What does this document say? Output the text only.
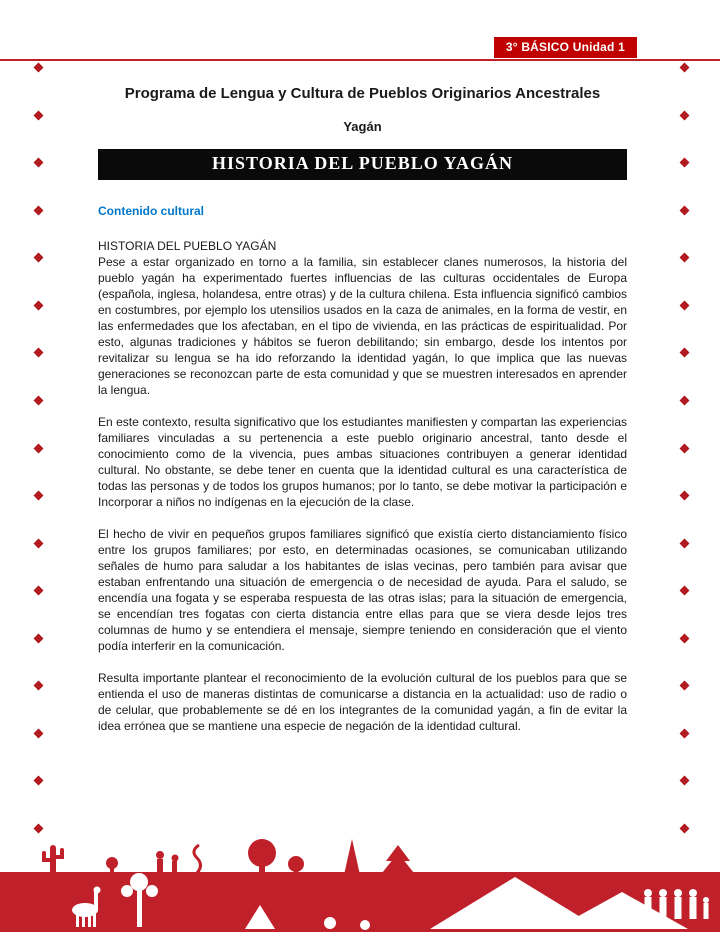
3° BÁSICO Unidad 1
Programa de Lengua y Cultura de Pueblos Originarios Ancestrales
Yagán
HISTORIA DEL PUEBLO YAGÁN
Contenido cultural
HISTORIA DEL PUEBLO YAGÁN

Pese a estar organizado en torno a la familia, sin establecer clanes numerosos, la historia del pueblo yagán ha experimentado fuertes influencias de las culturas occidentales de Europa (española, inglesa, holandesa, entre otras) y de la cultura chilena. Esta influencia significó cambios en costumbres, por ejemplo los utensilios usados en la caza de animales, en la forma de vestir, en las enfermedades que los afectaban, en el tipo de vivienda, en las prácticas de espiritualidad. Por esto, algunas tradiciones y hábitos se fueron debilitando; sin embargo, desde los intentos por revitalizar su lengua se ha ido reforzando la identidad yagán, lo que implica que las nuevas generaciones se reconozcan parte de esta comunidad y que se muestren interesados en aprender la lengua.

En este contexto, resulta significativo que los estudiantes manifiesten y compartan las experiencias familiares vinculadas a su pertenencia a este pueblo originario ancestral, tanto desde el conocimiento como de la vivencia, pues ambas situaciones contribuyen a generar identidad cultural. No obstante, se debe tener en cuenta que la identidad cultural es una característica de todas las personas y de todos los grupos humanos; por lo tanto, se debe motivar la participación e Incorporar a niños no indígenas en la ejecución de la clase.

El hecho de vivir en pequeños grupos familiares significó que existía cierto distanciamiento físico entre los grupos familiares; por esto, en determinadas ocasiones, se comunicaban utilizando señales de humo para saludar a los habitantes de islas vecinas, pero también para avisar que estaban enfrentando una situación de emergencia o de necesidad de ayuda. Para el saludo, se encendía una fogata y se esperaba respuesta de las otras islas; para la situación de emergencia, se encendían tres fogatas con cierta distancia entre ellas para que se viera desde lejos tres columnas de humo y se entendiera el mensaje, siempre teniendo en consideración que el viento podía interferir en la comunicación.

Resulta importante plantear el reconocimiento de la evolución cultural de los pueblos para que se entienda el uso de maneras distintas de comunicarse a distancia en la actualidad: uso de radio o de celular, que probablemente se dé en los integrantes de la comunidad yagán, a fin de evitar la idea errónea que se mantiene una especie de negación de la identidad cultural.
